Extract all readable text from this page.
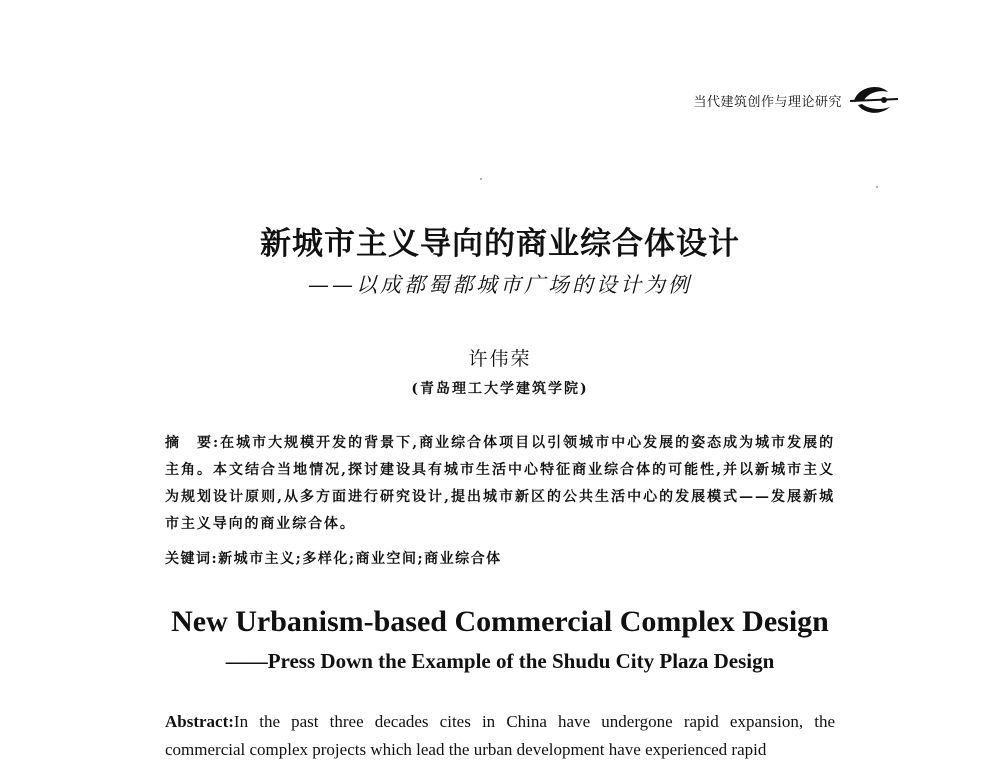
当代建筑创作与理论研究
新城市主义导向的商业综合体设计
——以成都蜀都城市广场的设计为例
许伟荣
(青岛理工大学建筑学院)
摘　要:在城市大规模开发的背景下,商业综合体项目以引领城市中心发展的姿态成为城市发展的主角。本文结合当地情况,探讨建设具有城市生活中心特征商业综合体的可能性,并以新城市主义为规划设计原则,从多方面进行研究设计,提出城市新区的公共生活中心的发展模式——发展新城市主义导向的商业综合体。
关键词:新城市主义;多样化;商业空间;商业综合体
New Urbanism-based Commercial Complex Design
——Press Down the Example of the Shudu City Plaza Design
Abstract:In the past three decades cites in China have undergone rapid expansion, the commercial complex projects which lead the urban development have experienced rapid
